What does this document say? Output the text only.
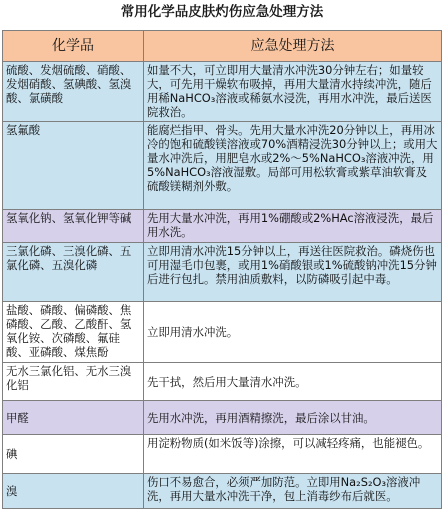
常用化学品皮肤灼伤应急处理方法
化学品	应急处理方法
硫酸、发烟硫酸、硝酸、发烟硝酸、氢碘酸、氢溴酸、氯磺酸	如量不大，可立即用大量清水冲洗30分钟左右；如量较大，可先用干燥软布吸掉，再用大量清水持续冲洗，随后用稀NaHCO₃溶液或稀氨水浸洗，再用水冲洗，最后送医院救治。
氢氟酸	能腐烂指甲、骨头。先用大量水冲洗20分钟以上，再用冰冷的饱和硫酸镁溶液或70%酒精浸洗30分钟以上；或用大量水冲洗后，用肥皂水或2%～5%NaHCO₃溶液冲洗，用5%NaHCO₃溶液湿敷。局部可用松软膏或紫草油软膏及硫酸镁糊剂外敷。
氢氧化钠、氢氧化钾等碱	先用大量水冲洗，再用1%硼酸或2%HAc溶液浸洗，最后用水洗。
三氯化磷、三溴化磷、五氯化磷、五溴化磷	立即用清水冲洗15分钟以上，再送往医院救治。磷烧伤也可用湿毛巾包裹，或用1%硝酸银或1%硫酸钠冲洗15分钟后进行包扎。禁用油质敷料，以防磷吸引起中毒。
盐酸、磷酸、偏磷酸、焦磷酸、乙酸、乙酸酐、氢氧化铵、次磷酸、氟硅酸、亚磷酸、煤焦酚	立即用清水冲洗。
无水三氯化铝、无水三溴化铝	先干拭，然后用大量清水冲洗。
甲醛	先用水冲洗，再用酒精擦洗，最后涂以甘油。
碘	用淀粉物质(如米饭等)涂擦，可以减轻疼痛，也能褪色。
溴	伤口不易愈合，必须严加防范。立即用Na₂S₂O₃溶液冲洗，再用大量水冲洗干净，包上消毒纱布后就医。
